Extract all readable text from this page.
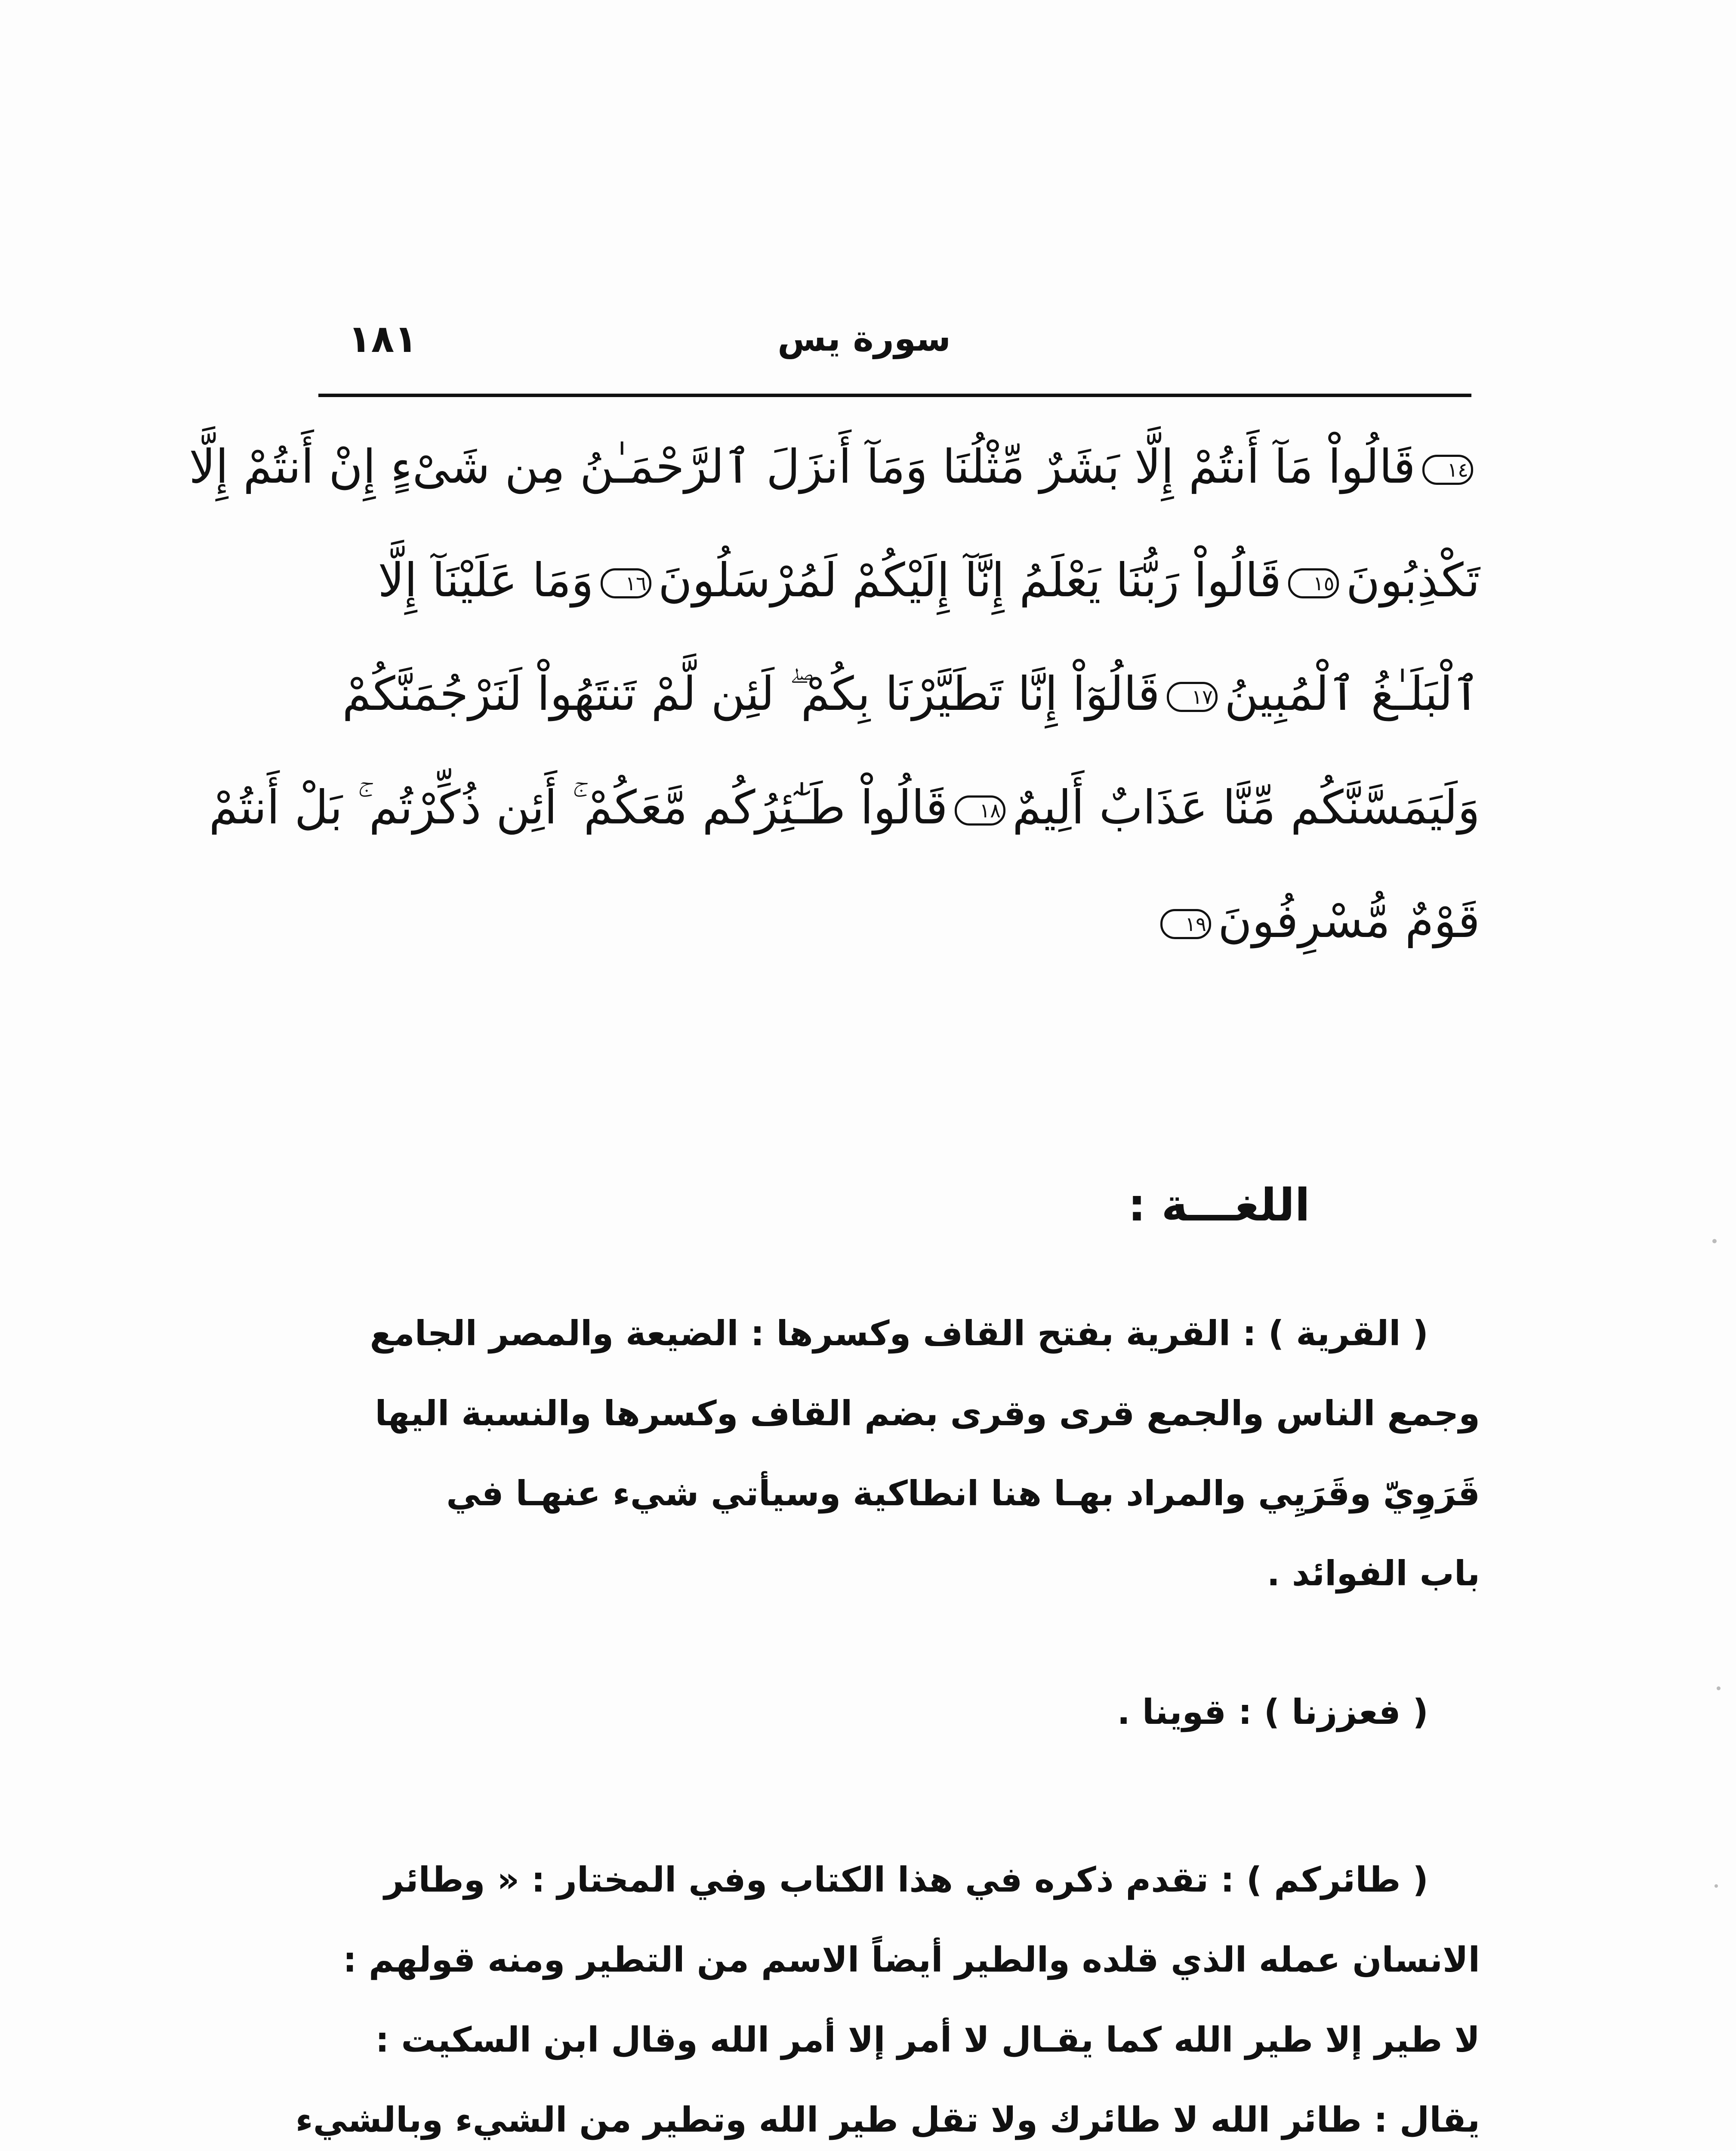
سورة يس
١٨١
١٤قَالُواْ مَآ أَنتُمْ إِلَّا بَشَرٌ مِّثْلُنَا وَمَآ أَنزَلَ ٱلرَّحْمَـٰنُ مِن شَىْءٍ إِنْ أَنتُمْ إِلَّا
تَكْذِبُونَ١٥قَالُواْ رَبُّنَا يَعْلَمُ إِنَّآ إِلَيْكُمْ لَمُرْسَلُونَ١٦وَمَا عَلَيْنَآ إِلَّا
ٱلْبَلَـٰغُ ٱلْمُبِينُ١٧قَالُوٓاْ إِنَّا تَطَيَّرْنَا بِكُمْ ۖ لَئِن لَّمْ تَنتَهُواْ لَنَرْجُمَنَّكُمْ
وَلَيَمَسَّنَّكُم مِّنَّا عَذَابٌ أَلِيمٌ١٨قَالُواْ طَـٰٓئِرُكُم مَّعَكُمْ ۚ أَئِن ذُكِّرْتُم ۚ بَلْ أَنتُمْ
قَوْمٌ مُّسْرِفُونَ١٩
اللغـــة :
( القرية ) : القرية بفتح القاف وكسرها : الضيعة والمصر الجامع
وجمع الناس والجمع قرى وقرى بضم القاف وكسرها والنسبة اليها
قَرَوِيّ وقَرَيِي والمراد بهـا هنا انطاكية وسيأتي شيء عنهـا في
باب الفوائد .
( فعززنا ) : قوينا .
( طائركم ) : تقدم ذكره في هذا الكتاب وفي المختار : « وطائر
الانسان عمله الذي قلده والطير أيضاً الاسم من التطير ومنه قولهم :
لا طير إلا طير الله كما يقـال لا أمر إلا أمر الله وقال ابن السكيت :
يقال : طائر الله لا طائرك ولا تقل طير الله وتطير من الشيء وبالشيء
